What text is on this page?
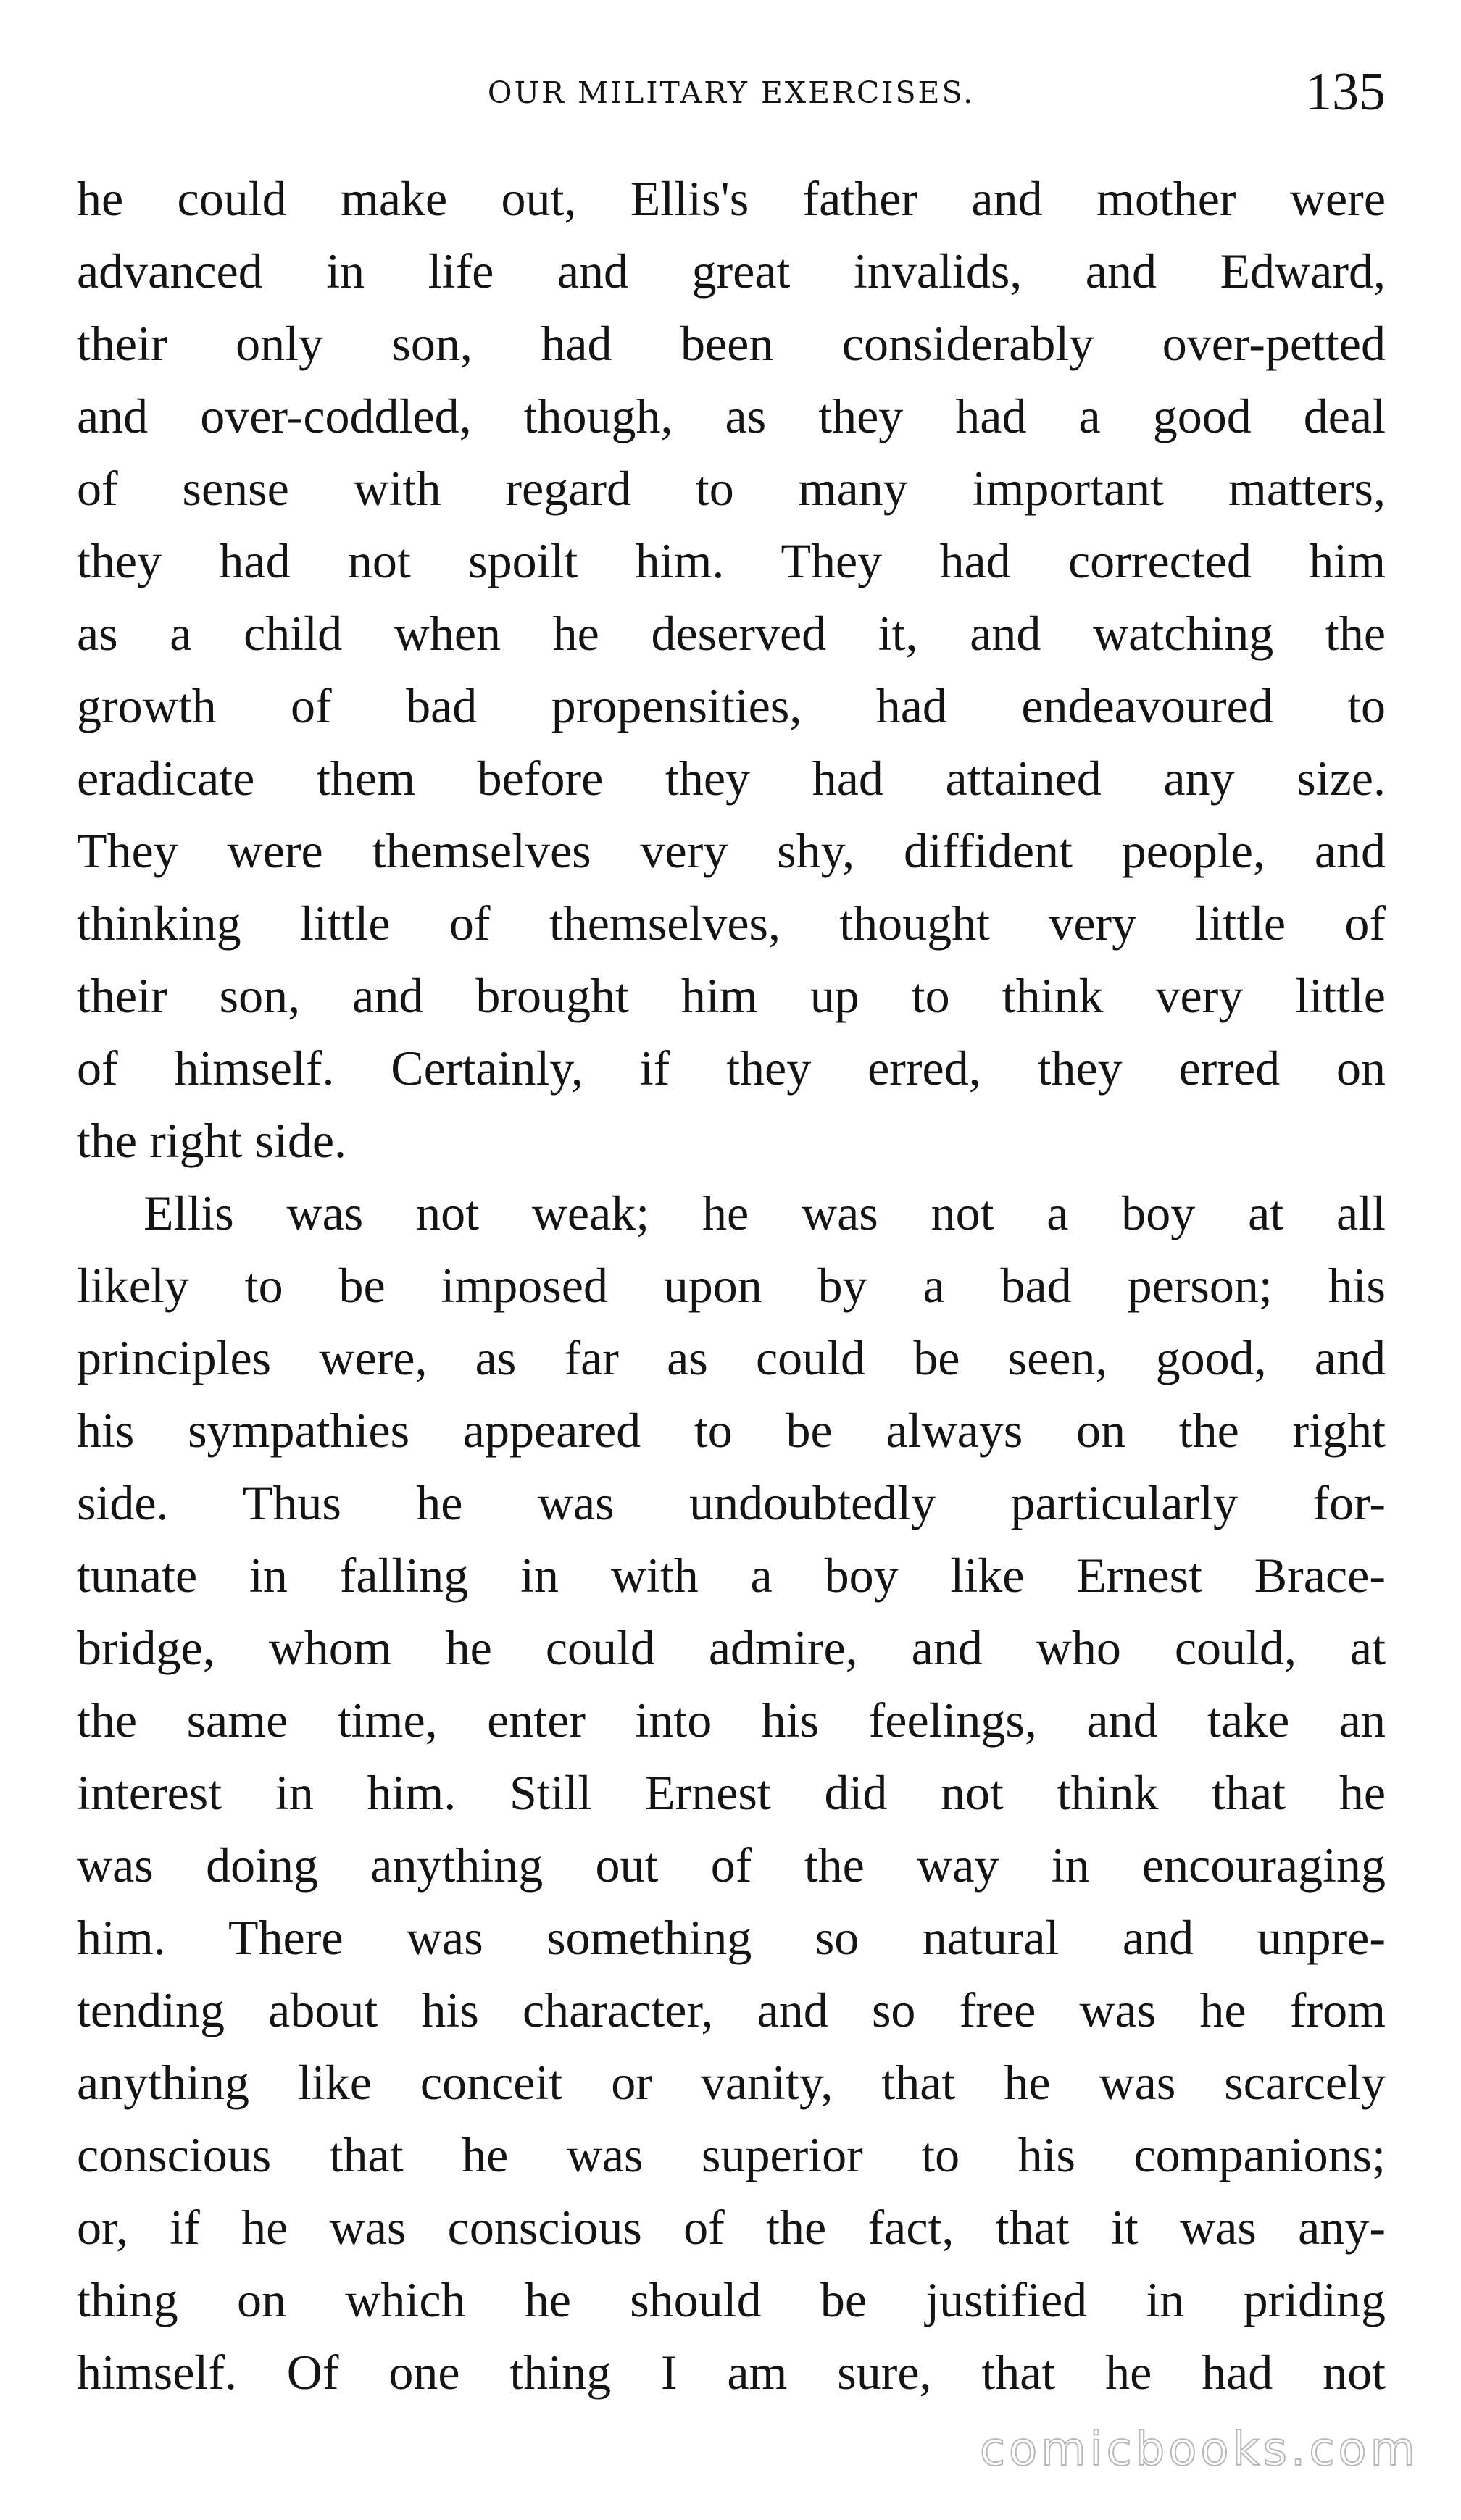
OUR MILITARY EXERCISES.	135
he could make out, Ellis's father and mother were
advanced in life and great invalids, and Edward,
their only son, had been considerably over-petted
and over-coddled, though, as they had a good deal
of sense with regard to many important matters,
they had not spoilt him. They had corrected him
as a child when he deserved it, and watching the
growth of bad propensities, had endeavoured to
eradicate them before they had attained any size.
They were themselves very shy, diffident people, and
thinking little of themselves, thought very little of
their son, and brought him up to think very little
of himself. Certainly, if they erred, they erred on
the right side.
Ellis was not weak; he was not a boy at all
likely to be imposed upon by a bad person; his
principles were, as far as could be seen, good, and
his sympathies appeared to be always on the right
side. Thus he was undoubtedly particularly for-
tunate in falling in with a boy like Ernest Brace-
bridge, whom he could admire, and who could, at
the same time, enter into his feelings, and take an
interest in him. Still Ernest did not think that he
was doing anything out of the way in encouraging
him. There was something so natural and unpre-
tending about his character, and so free was he from
anything like conceit or vanity, that he was scarcely
conscious that he was superior to his companions;
or, if he was conscious of the fact, that it was any-
thing on which he should be justified in priding
himself. Of one thing I am sure, that he had not
comicbooks.com
